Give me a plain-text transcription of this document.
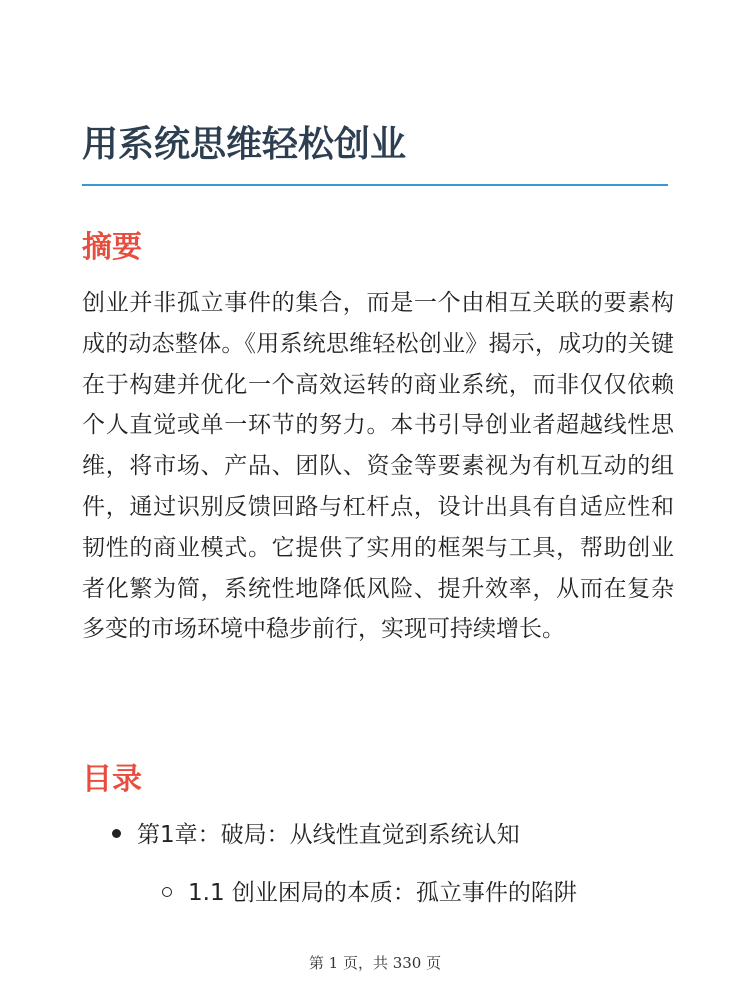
用系统思维轻松创业
摘要

创业并非孤立事件的集合，而是一个由相互关联的要素构成的动态整体。《用系统思维轻松创业》揭示，成功的关键在于构建并优化一个高效运转的商业系统，而非仅仅依赖个人直觉或单一环节的努力。本书引导创业者超越线性思维，将市场、产品、团队、资金等要素视为有机互动的组件，通过识别反馈回路与杠杆点，设计出具有自适应性和韧性的商业模式。它提供了实用的框架与工具，帮助创业者化繁为简，系统性地降低风险、提升效率，从而在复杂多变的市场环境中稳步前行，实现可持续增长。

目录
第1章：破局：从线性直觉到系统认知
1.1 创业困局的本质：孤立事件的陷阱
第 1 页，共 330 页
